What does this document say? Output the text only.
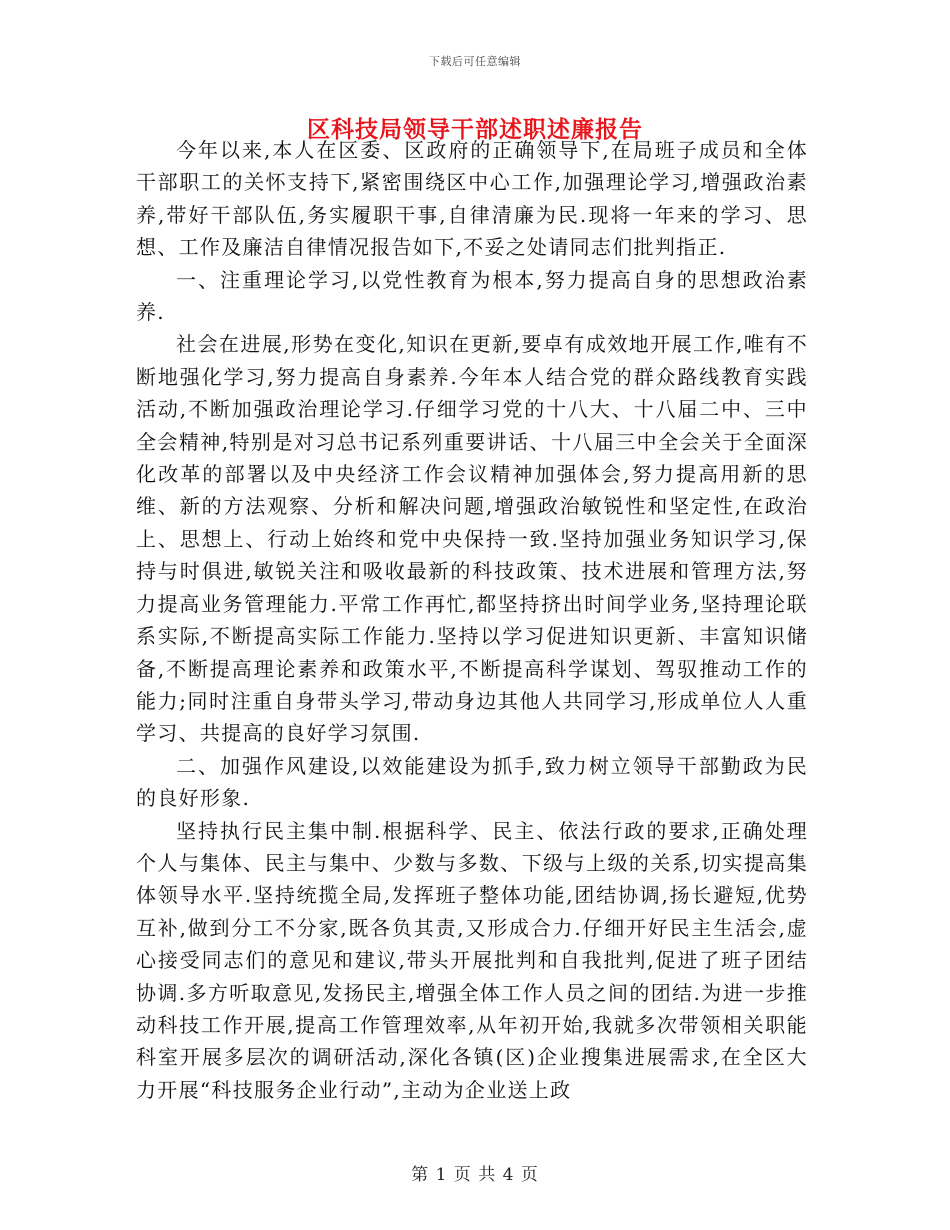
下载后可任意编辑
区科技局领导干部述职述廉报告

今年以来,本人在区委、区政府的正确领导下,在局班子成员和全体干部职工的关怀支持下,紧密围绕区中心工作,加强理论学习,增强政治素养,带好干部队伍,务实履职干事,自律清廉为民.现将一年来的学习、思想、工作及廉洁自律情况报告如下,不妥之处请同志们批判指正.

一、注重理论学习,以党性教育为根本,努力提高自身的思想政治素养.

社会在进展,形势在变化,知识在更新,要卓有成效地开展工作,唯有不断地强化学习,努力提高自身素养.今年本人结合党的群众路线教育实践活动,不断加强政治理论学习.仔细学习党的十八大、十八届二中、三中全会精神,特别是对习总书记系列重要讲话、十八届三中全会关于全面深化改革的部署以及中央经济工作会议精神加强体会,努力提高用新的思维、新的方法观察、分析和解决问题,增强政治敏锐性和坚定性,在政治上、思想上、行动上始终和党中央保持一致.坚持加强业务知识学习,保持与时俱进,敏锐关注和吸收最新的科技政策、技术进展和管理方法,努力提高业务管理能力.平常工作再忙,都坚持挤出时间学业务,坚持理论联系实际,不断提高实际工作能力.坚持以学习促进知识更新、丰富知识储备,不断提高理论素养和政策水平,不断提高科学谋划、驾驭推动工作的能力;同时注重自身带头学习,带动身边其他人共同学习,形成单位人人重学习、共提高的良好学习氛围.

二、加强作风建设,以效能建设为抓手,致力树立领导干部勤政为民的良好形象.

坚持执行民主集中制.根据科学、民主、依法行政的要求,正确处理个人与集体、民主与集中、少数与多数、下级与上级的关系,切实提高集体领导水平.坚持统揽全局,发挥班子整体功能,团结协调,扬长避短,优势互补,做到分工不分家,既各负其责,又形成合力.仔细开好民主生活会,虚心接受同志们的意见和建议,带头开展批判和自我批判,促进了班子团结协调.多方听取意见,发扬民主,增强全体工作人员之间的团结.为进一步推动科技工作开展,提高工作管理效率,从年初开始,我就多次带领相关职能科室开展多层次的调研活动,深化各镇(区)企业搜集进展需求,在全区大力开展“科技服务企业行动”,主动为企业送上政

第 1 页 共 4 页
